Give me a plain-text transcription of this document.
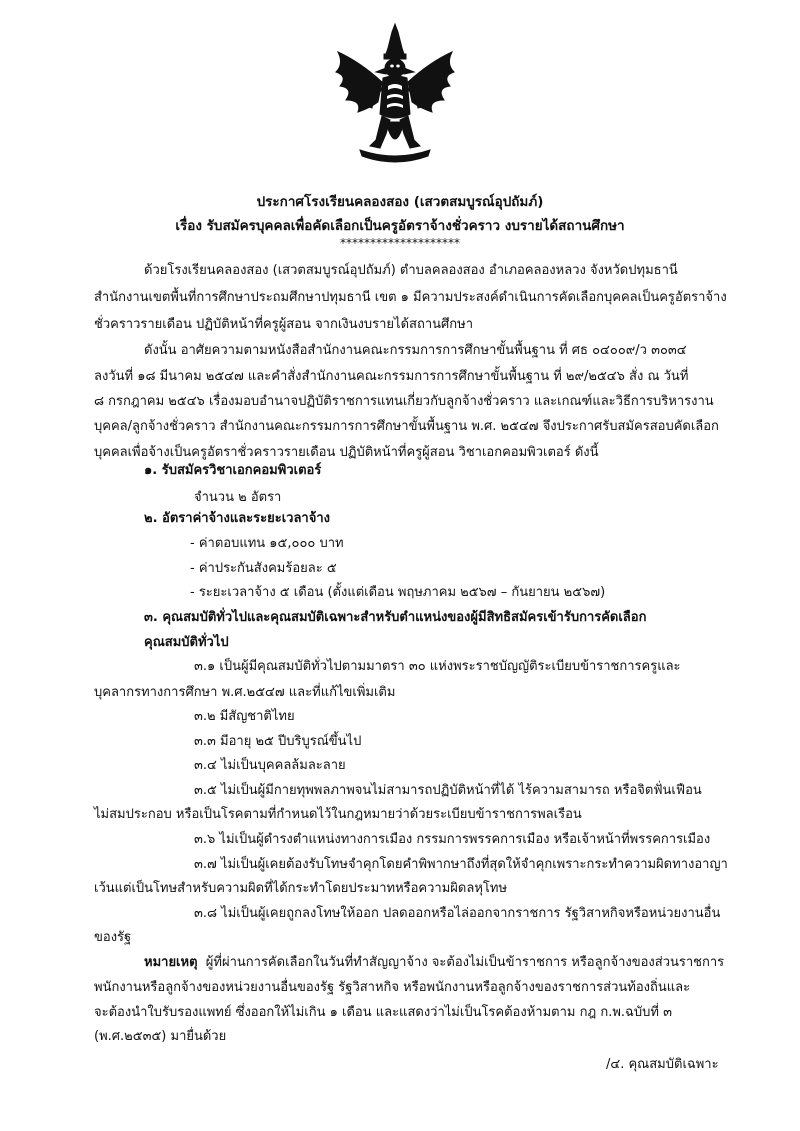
ประกาศโรงเรียนคลองสอง (เสวตสมบูรณ์อุปถัมภ์)
เรื่อง รับสมัครบุคคลเพื่อคัดเลือกเป็นครูอัตราจ้างชั่วคราว งบรายได้สถานศึกษา
********************
ด้วยโรงเรียนคลองสอง (เสวตสมบูรณ์อุปถัมภ์) ตำบลคลองสอง อำเภอคลองหลวง จังหวัดปทุมธานี
สำนักงานเขตพื้นที่การศึกษาประถมศึกษาปทุมธานี เขต ๑ มีความประสงค์ดำเนินการคัดเลือกบุคคลเป็นครูอัตราจ้าง
ชั่วคราวรายเดือน ปฏิบัติหน้าที่ครูผู้สอน จากเงินงบรายได้สถานศึกษา
ดังนั้น อาศัยความตามหนังสือสำนักงานคณะกรรมการการศึกษาขั้นพื้นฐาน ที่ ศธ ๐๔๐๐๙/ว ๓๐๓๔
ลงวันที่ ๑๘ มีนาคม ๒๕๔๗ และคำสั่งสำนักงานคณะกรรมการการศึกษาขั้นพื้นฐาน ที่ ๒๙/๒๕๔๖ สั่ง ณ วันที่
๘ กรกฎาคม ๒๕๔๖ เรื่องมอบอำนาจปฏิบัติราชการแทนเกี่ยวกับลูกจ้างชั่วคราว และเกณฑ์และวิธีการบริหารงาน
บุคคล/ลูกจ้างชั่วคราว สำนักงานคณะกรรมการการศึกษาขั้นพื้นฐาน พ.ศ. ๒๕๔๗ จึงประกาศรับสมัครสอบคัดเลือก
บุคคลเพื่อจ้างเป็นครูอัตราชั่วคราวรายเดือน ปฏิบัติหน้าที่ครูผู้สอน วิชาเอกคอมพิวเตอร์ ดังนี้
๑. รับสมัครวิชาเอกคอมพิวเตอร์
จำนวน ๒ อัตรา
๒. อัตราค่าจ้างและระยะเวลาจ้าง
- ค่าตอบแทน ๑๕,๐๐๐ บาท
- ค่าประกันสังคมร้อยละ ๕
- ระยะเวลาจ้าง ๕ เดือน (ตั้งแต่เดือน พฤษภาคม ๒๕๖๗ – กันยายน ๒๕๖๗)
๓. คุณสมบัติทั่วไปและคุณสมบัติเฉพาะสำหรับตำแหน่งของผู้มีสิทธิสมัครเข้ารับการคัดเลือก
คุณสมบัติทั่วไป
๓.๑ เป็นผู้มีคุณสมบัติทั่วไปตามมาตรา ๓๐ แห่งพระราชบัญญัติระเบียบข้าราชการครูและ
บุคลากรทางการศึกษา พ.ศ.๒๕๔๗ และที่แก้ไขเพิ่มเติม
๓.๒ มีสัญชาติไทย
๓.๓ มีอายุ ๒๕ ปีบริบูรณ์ขึ้นไป
๓.๔ ไม่เป็นบุคคลล้มละลาย
๓.๕ ไม่เป็นผู้มีกายทุพพลภาพจนไม่สามารถปฏิบัติหน้าที่ได้ ไร้ความสามารถ หรือจิตฟั่นเฟือน
ไม่สมประกอบ หรือเป็นโรคตามที่กำหนดไว้ในกฎหมายว่าด้วยระเบียบข้าราชการพลเรือน
๓.๖ ไม่เป็นผู้ดำรงตำแหน่งทางการเมือง กรรมการพรรคการเมือง หรือเจ้าหน้าที่พรรคการเมือง
๓.๗ ไม่เป็นผู้เคยต้องรับโทษจำคุกโดยคำพิพากษาถึงที่สุดให้จำคุกเพราะกระทำความผิดทางอาญา
เว้นแต่เป็นโทษสำหรับความผิดที่ได้กระทำโดยประมาทหรือความผิดลหุโทษ
๓.๘ ไม่เป็นผู้เคยถูกลงโทษให้ออก ปลดออกหรือไล่ออกจากราชการ รัฐวิสาหกิจหรือหน่วยงานอื่น
ของรัฐ
หมายเหตุ ผู้ที่ผ่านการคัดเลือกในวันที่ทำสัญญาจ้าง จะต้องไม่เป็นข้าราชการ หรือลูกจ้างของส่วนราชการ
พนักงานหรือลูกจ้างของหน่วยงานอื่นของรัฐ รัฐวิสาหกิจ หรือพนักงานหรือลูกจ้างของราชการส่วนท้องถิ่นและ
จะต้องนำใบรับรองแพทย์ ซึ่งออกให้ไม่เกิน ๑ เดือน และแสดงว่าไม่เป็นโรคต้องห้ามตาม กฎ ก.พ.ฉบับที่ ๓
(พ.ศ.๒๕๓๕) มายื่นด้วย
/๔. คุณสมบัติเฉพาะ
